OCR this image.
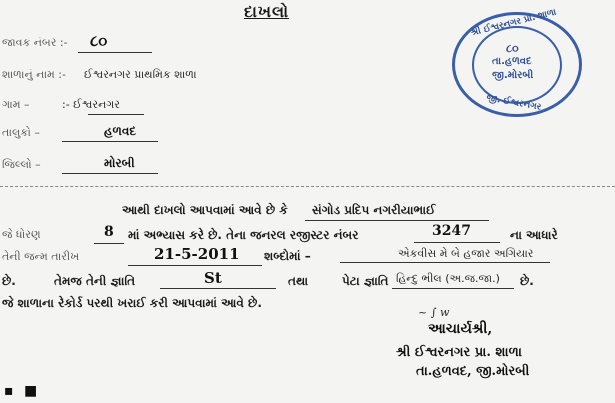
દાખલો
જાવક નંબર :- ૮૦
શાળાનું નામ :- ઈશ્વરનગર પ્રાથમિક શાળા
ગામ –	:- ઈશ્વરનગર
તાલુકો –	હળવદ
જિલ્લો –	મોરબી
આથી દાખલો આપવામાં આવે છે કે સંગોડ પ્રદિપ નગરીયાભાઈ
જે ધોરણ	8 માં અભ્યાસ કરે છે. તેના જનરલ રજીસ્ટર નંબર	3247	ના આધારે
તેની જન્મ તારીખ	21-5-2011 શબ્દોમાં –	એકવીસ મે બે હજાર અગિયાર
છે.	તેમજ તેની જ્ઞાતિ	St	તથા	પેટા જ્ઞાતિ હિન્દુ ભીલ (અ.જ.જા.) છે.
જે શાળાના રેકોર્ડ પરથી ખરાઈ કરી આપવામાં આવે છે.
~ ∫ w
આચાર્યશ્રી,
શ્રી ઈશ્વરનગર પ્રા. શાળા
તા.હળવદ, જી.મોરબી
શ્રી ઈશ્વરનગર પ્રા. શાળા
૮૦
તા.હળવદ
જી.મોરબી
જી. ઈશ્વરનગર
▪ ■
